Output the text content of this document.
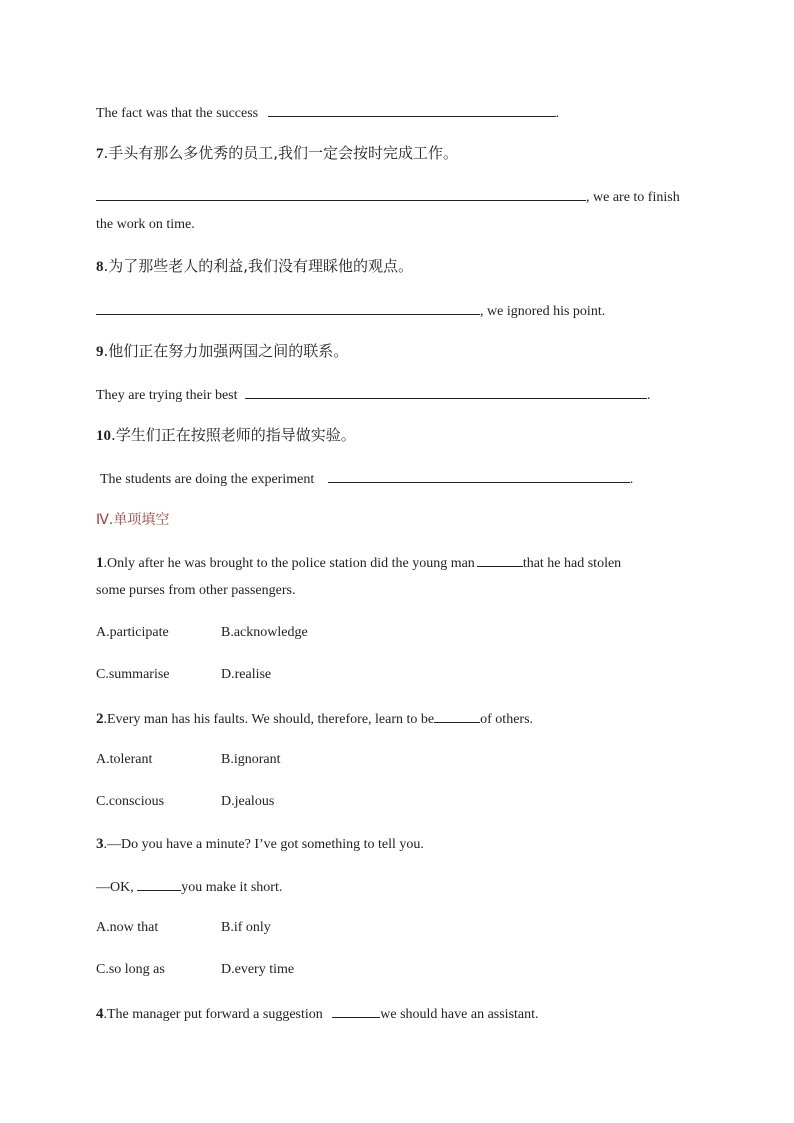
The fact was that the success	.
7.手头有那么多优秀的员工,我们一定会按时完成工作。
, we are to finish
the work on time.
8.为了那些老人的利益,我们没有理睬他的观点。
, we ignored his point.
9.他们正在努力加强两国之间的联系。
They are trying their best	.
10.学生们正在按照老师的指导做实验。
The students are doing the experiment	.
Ⅳ.单项填空
1.Only after he was brought to the police station did the young man	that he had stolen
some purses from other passengers.
A.participate	B.acknowledge
C.summarise	D.realise
2.Every man has his faults. We should, therefore, learn to be	of others.
A.tolerant	B.ignorant
C.conscious	D.jealous
3.—Do you have a minute? I’ve got something to tell you.
—OK,	you make it short.
A.now that	B.if only
C.so long as	D.every time
4.The manager put forward a suggestion	we should have an assistant.
